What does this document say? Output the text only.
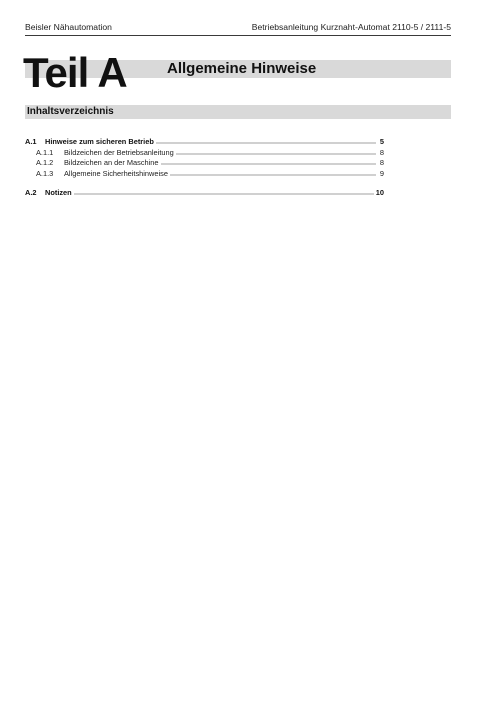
Beisler Nähautomation	Betriebsanleitung Kurznaht-Automat 2110-5 / 2111-5
Teil A	Allgemeine Hinweise
Inhaltsverzeichnis
A.1	Hinweise zum sicheren Betrieb	5
A.1.1	Bildzeichen der Betriebsanleitung	8
A.1.2	Bildzeichen an der Maschine	8
A.1.3	Allgemeine Sicherheitshinweise	9
A.2	Notizen	10
